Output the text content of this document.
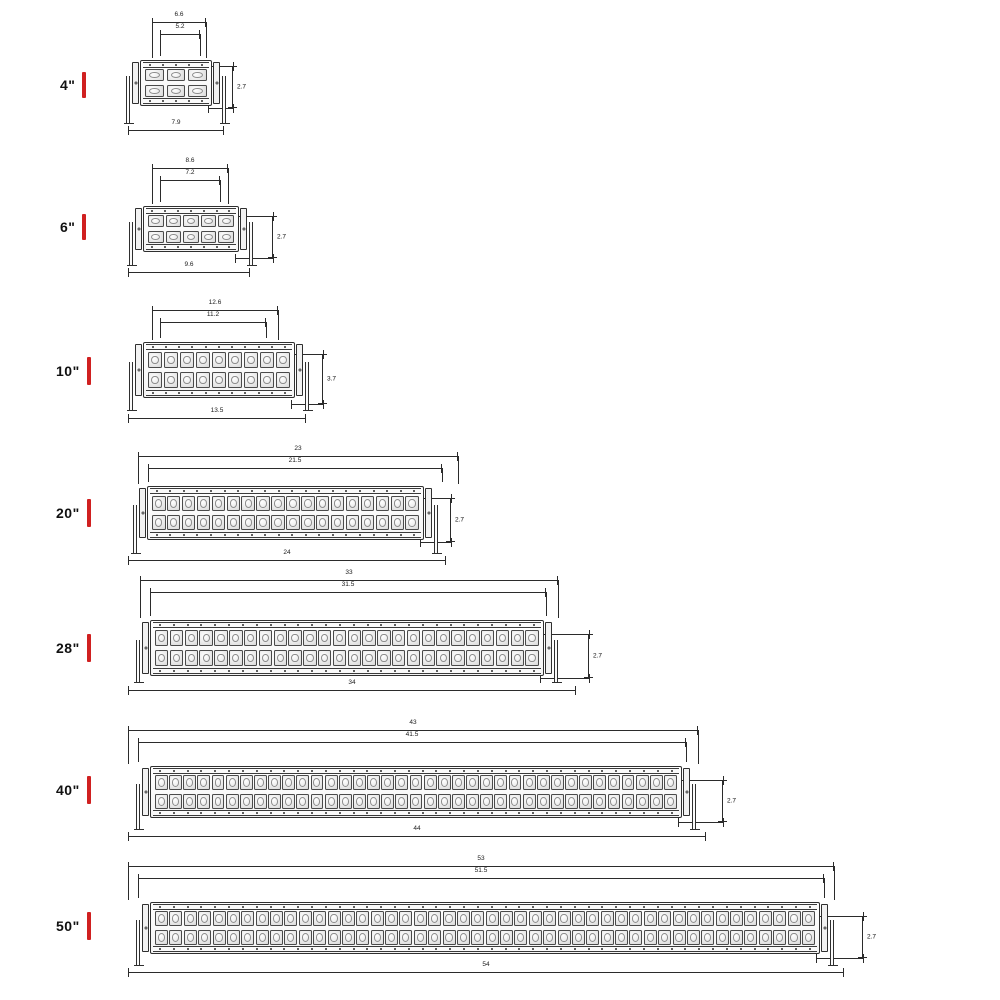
4"
6.6
5.2
7.9
2.7
6"
8.6
7.2
9.6
2.7
10"
12.6
11.2
13.5
3.7
20"
23
21.5
24
2.7
28"
33
31.5
34
2.7
40"
43
41.5
44
2.7
50"
53
51.5
54
2.7
